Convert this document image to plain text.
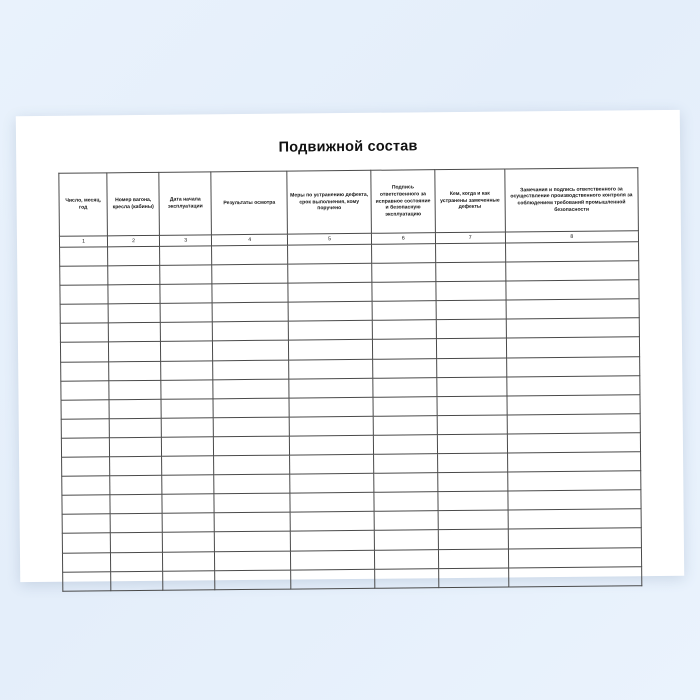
Подвижной состав
Число, месяц, год	Номер вагона, кресла (кабины)	Дата начала эксплуатации	Результаты осмотра	Меры по устранению дефекта, срок выполнения, кому поручено	Подпись ответственного за исправное состояние и безопасную эксплуатацию	Кем, когда и как устранены замеченные дефекты	Замечания и подпись ответственного за осуществление производственного контроля за соблюдением требований промышленной безопасности
1	2	3	4	5	6	7	8
